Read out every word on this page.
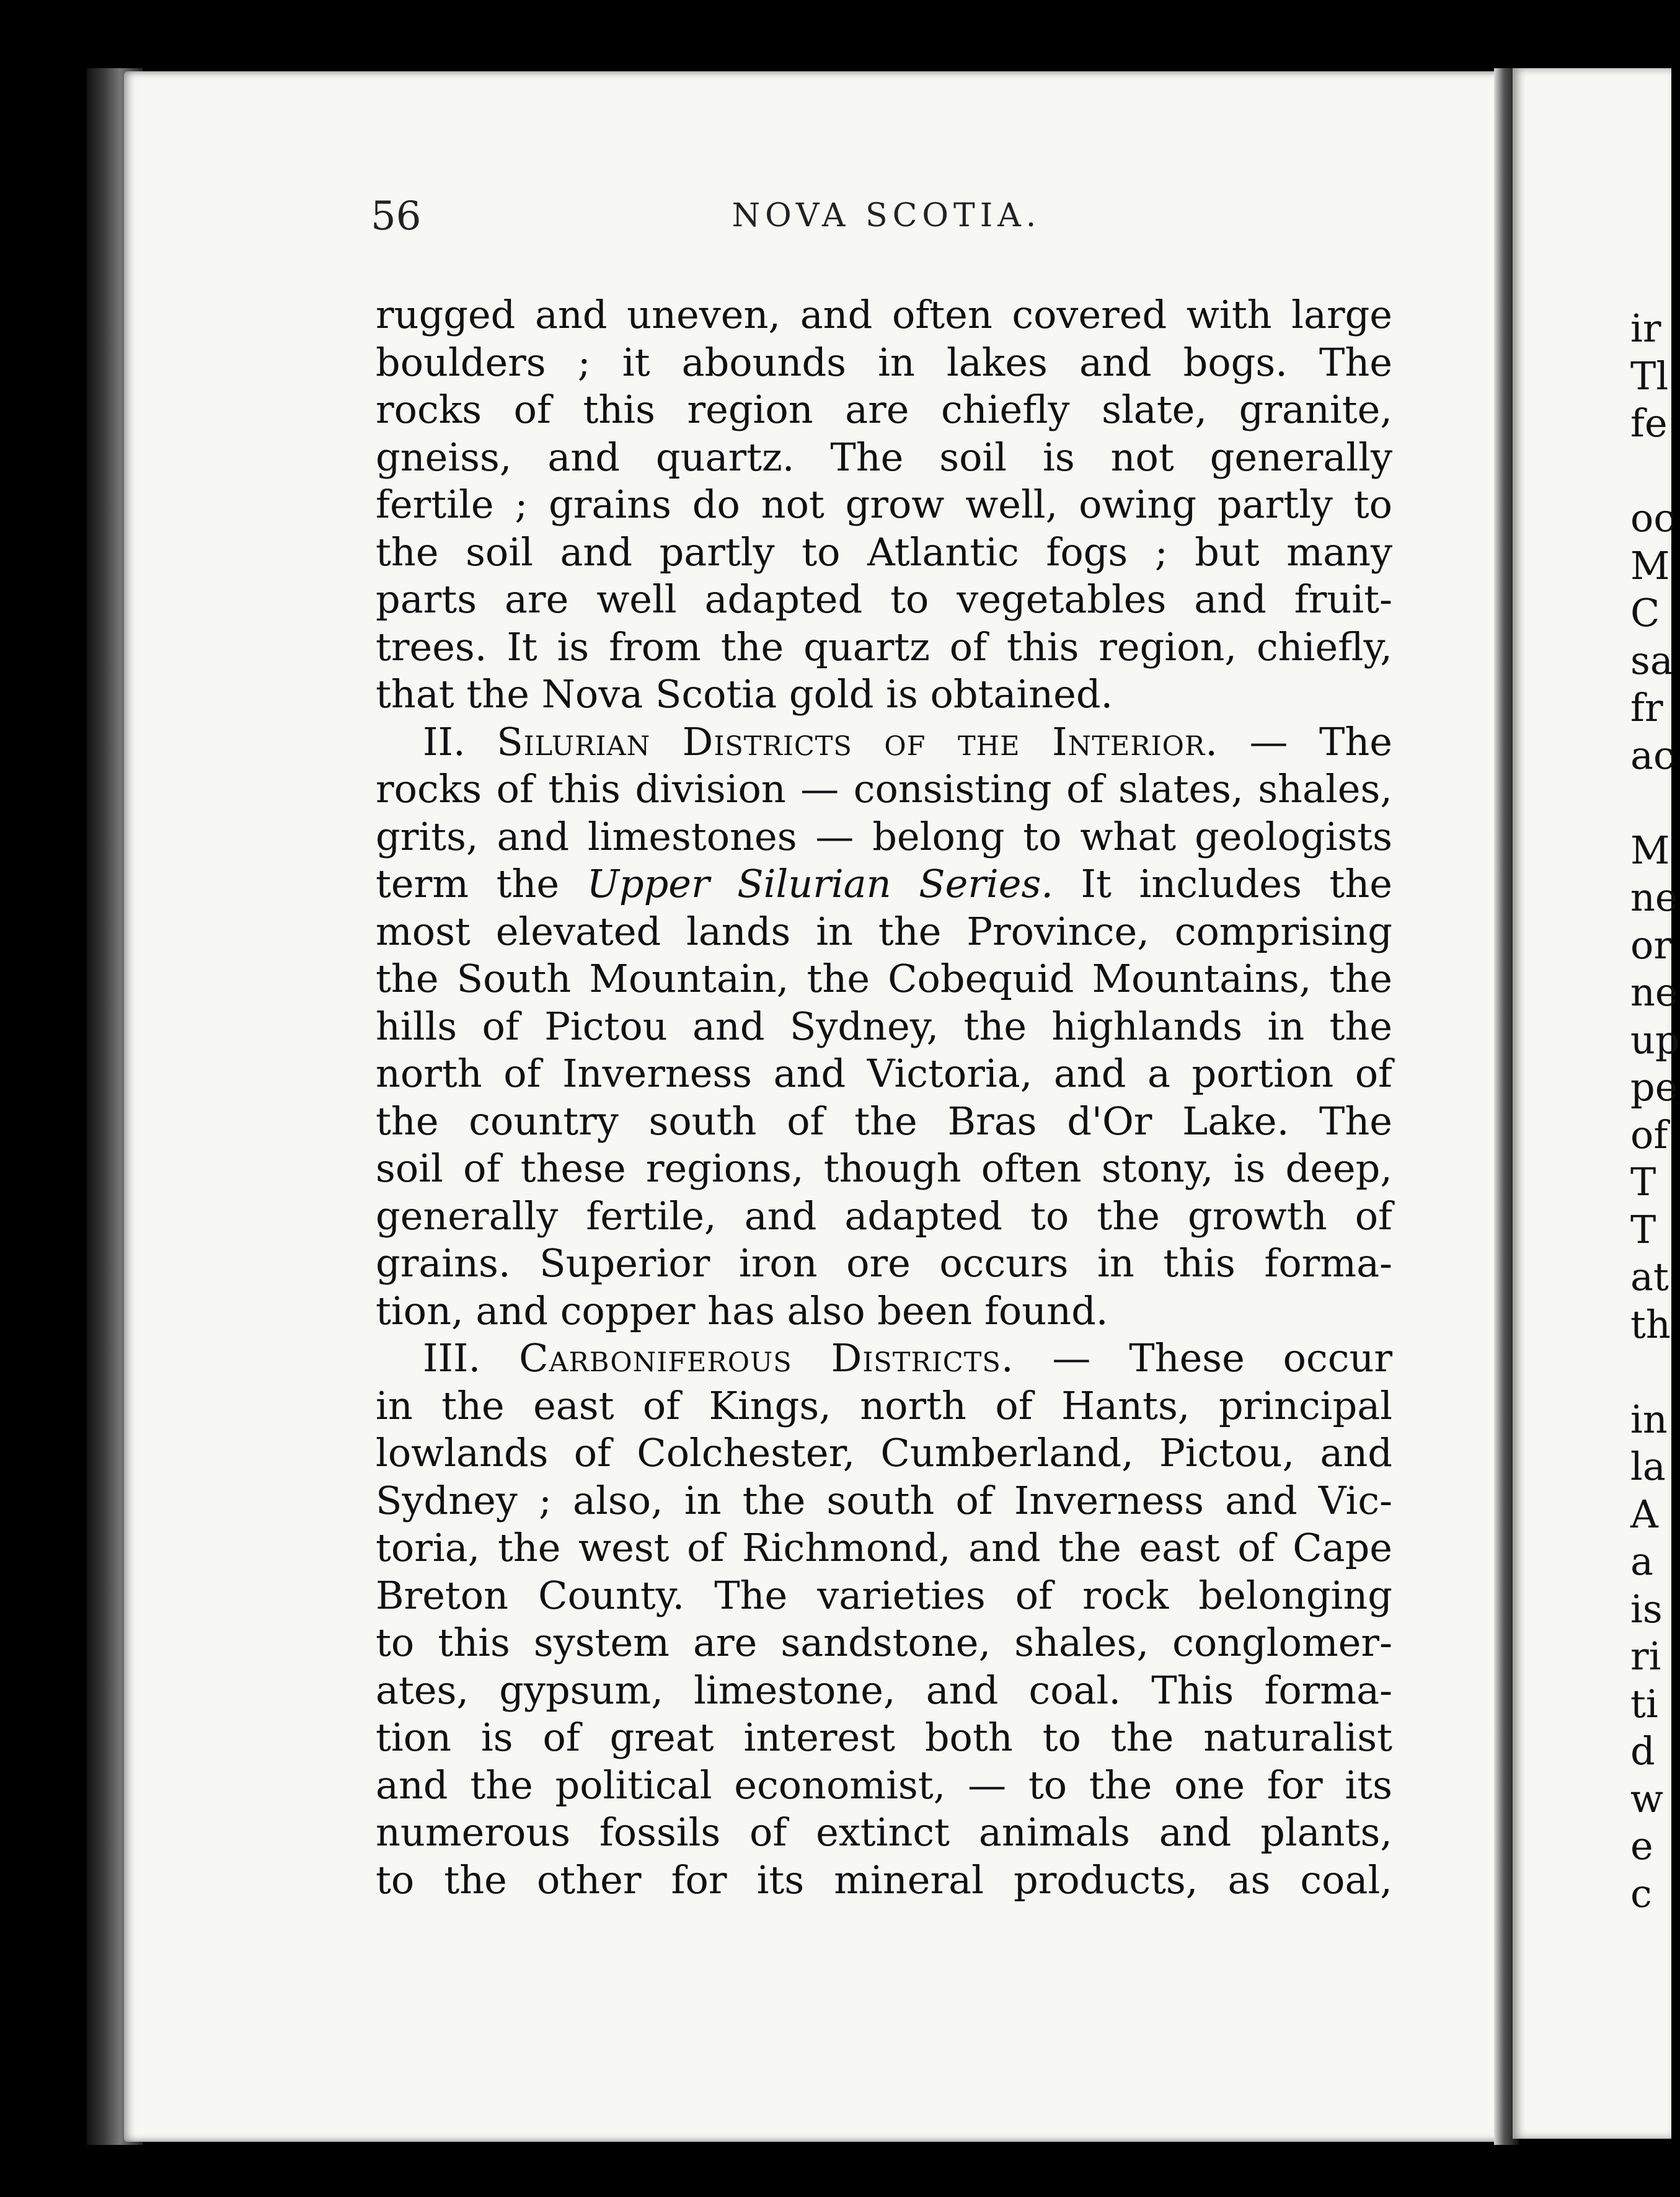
ir
Tl
fe
oc
M
C
sa
fr
ac
M
ne
or
ne
up
pe
of
T
T
at
th
in
la
A
a
is
ri
ti
d
w
e
c
56	NOVA SCOTIA.
rugged and uneven, and often covered with large
boulders ; it abounds in lakes and bogs. The
rocks of this region are chiefly slate, granite,
gneiss, and quartz. The soil is not generally
fertile ; grains do not grow well, owing partly to
the soil and partly to Atlantic fogs ; but many
parts are well adapted to vegetables and fruit-
trees. It is from the quartz of this region, chiefly,
that the Nova Scotia gold is obtained.
II. Silurian Districts of the Interior. — The
rocks of this division — consisting of slates, shales,
grits, and limestones — belong to what geologists
term the Upper Silurian Series. It includes the
most elevated lands in the Province, comprising
the South Mountain, the Cobequid Mountains, the
hills of Pictou and Sydney, the highlands in the
north of Inverness and Victoria, and a portion of
the country south of the Bras d'Or Lake. The
soil of these regions, though often stony, is deep,
generally fertile, and adapted to the growth of
grains. Superior iron ore occurs in this forma-
tion, and copper has also been found.
III. Carboniferous Districts. — These occur
in the east of Kings, north of Hants, principal
lowlands of Colchester, Cumberland, Pictou, and
Sydney ; also, in the south of Inverness and Vic-
toria, the west of Richmond, and the east of Cape
Breton County. The varieties of rock belonging
to this system are sandstone, shales, conglomer-
ates, gypsum, limestone, and coal. This forma-
tion is of great interest both to the naturalist
and the political economist, — to the one for its
numerous fossils of extinct animals and plants,
to the other for its mineral products, as coal,
